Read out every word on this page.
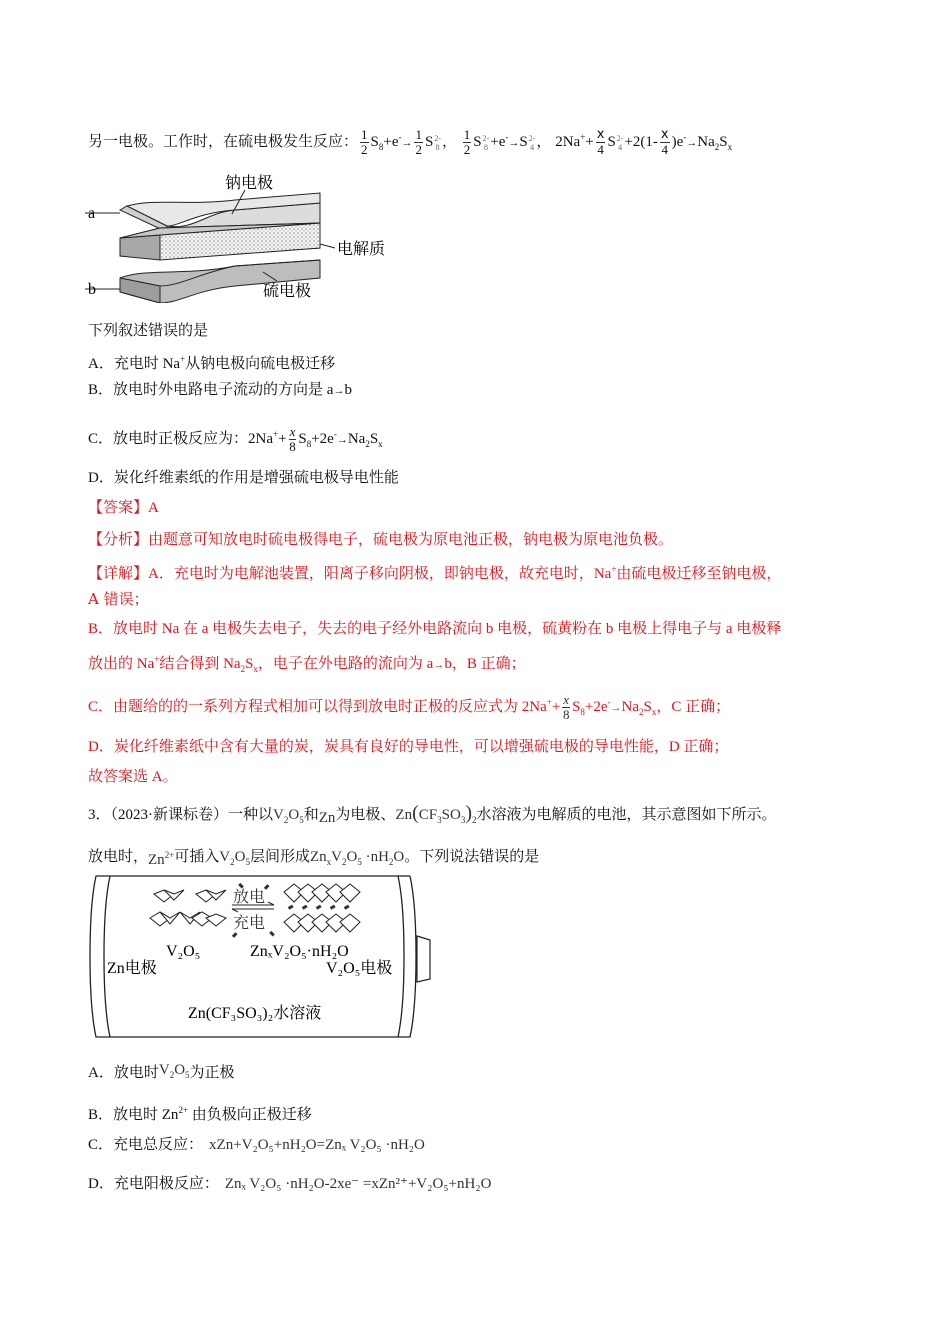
另一电极。工作时，在硫电极发生反应： $\frac{1}{2} S_8+e^-\to \frac{1}{2}$ S 2-
8 ， $\frac{1}{2}$ S 2-
8 +e-→S 2-
4 ， $2Na^++ \frac{x}{4}$ S 2-
$4 +2(1- \frac{x}{4} )e^-\to Na_2S_x$
a
b
钠电极
电解质
硫电极
下列叙述错误的是
A．充电时 Na+从钠电极向硫电极迁移
B．放电时外电路电子流动的方向是 a→b
C．放电时正极反应为：$2Na^++ \frac{x}{8} S_8+2e^-\to Na_2S_x$
D．炭化纤维素纸的作用是增强硫电极导电性能
【答案】A
【分析】由题意可知放电时硫电极得电子，硫电极为原电池正极，钠电极为原电池负极。
【详解】A．充电时为电解池装置，阳离子移向阴极，即钠电极，故充电时，Na+由硫电极迁移至钠电极，
A 错误；
B．放电时 Na 在 a 电极失去电子，失去的电子经外电路流向 b 电极，硫黄粉在 b 电极上得电子与 a 电极释
放出的 Na+结合得到 $Na_2S_x$，电子在外电路的流向为 a→b，B 正确；
C．由题给的的一系列方程式相加可以得到放电时正极的反应式为 $2Na^++ \frac{x}{8} S_8+2e^-\to Na_2S_x$，C 正确；
D．炭化纤维素纸中含有大量的炭，炭具有良好的导电性，可以增强硫电极的导电性能，D 正确；
故答案选 A。
3．（2023·新课标卷）一种以$V_2O_5$和Zn为电极、$Zn(CF_3SO_3)_2$水溶液为电解质的电池，其示意图如下所示。
放电时，$Zn^{2+}$可插入$V_2O_5$层间形成$Zn_xV_2O_5 \cdot nH_2O$。下列说法错误的是
放电
充电
V₂O₅	ZnₓV₂O₅·nH₂O
Zn电极	V₂O₅电极
Zn(CF₃SO₃)₂水溶液
A．放电时$V_2O_5$为正极
B．放电时 $Zn^{2+}$ 由负极向正极迁移
C．充电总反应： xZn+V₂O₅+nH₂O=Znₓ V₂O₅ ·nH₂O
D．充电阳极反应： Znₓ V₂O₅ ·nH₂O-2xe⁻ =xZn²⁺+V₂O₅+nH₂O
